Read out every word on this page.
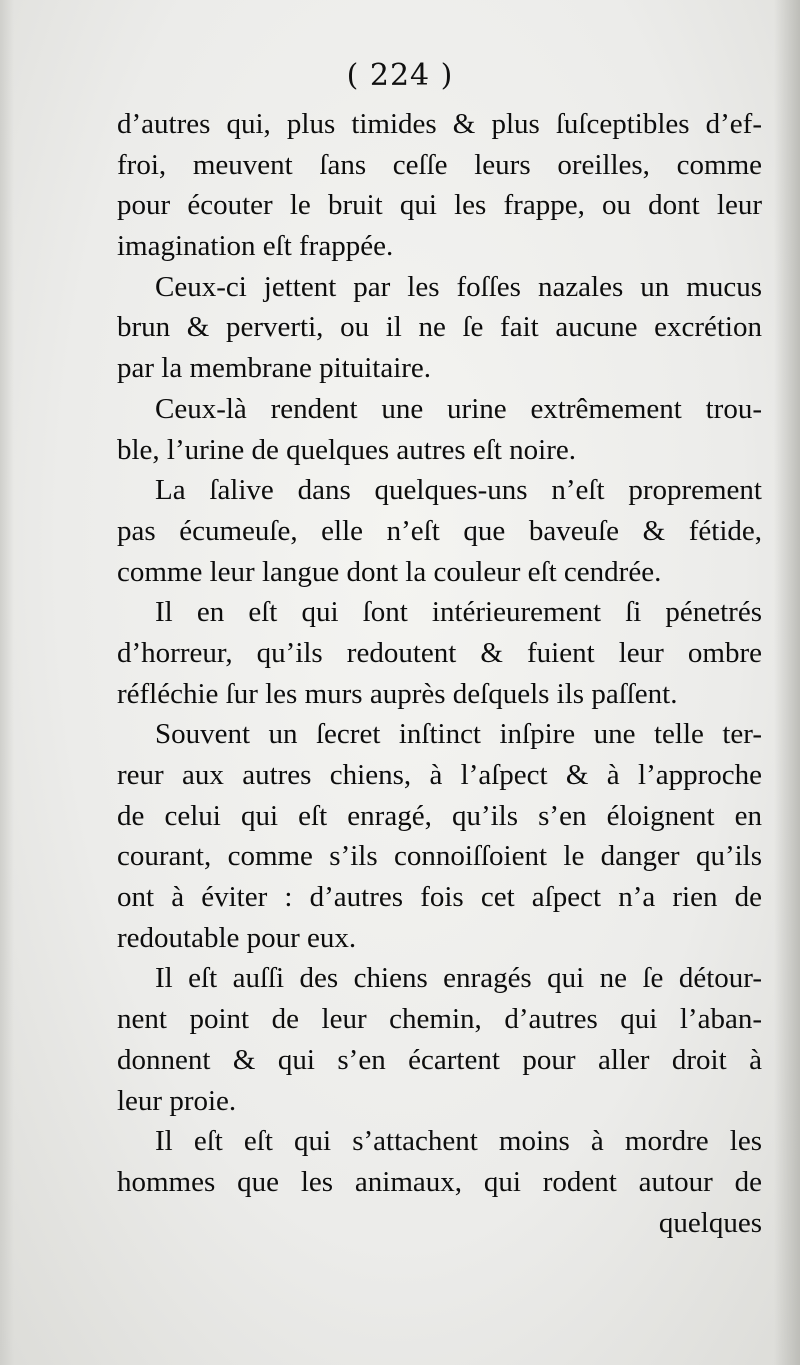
( 224 )
d’autres qui, plus timides & plus ſuſceptibles d’ef-
froi, meuvent ſans ceſſe leurs oreilles, comme
pour écouter le bruit qui les frappe, ou dont leur
imagination eſt frappée.
Ceux-ci jettent par les foſſes nazales un mucus
brun & perverti, ou il ne ſe fait aucune excrétion
par la membrane pituitaire.
Ceux-là rendent une urine extrêmement trou-
ble, l’urine de quelques autres eſt noire.
La ſalive dans quelques-uns n’eſt proprement
pas écumeuſe, elle n’eſt que baveuſe & fétide,
comme leur langue dont la couleur eſt cendrée.
Il en eſt qui ſont intérieurement ſi pénetrés
d’horreur, qu’ils redoutent & fuient leur ombre
réfléchie ſur les murs auprès deſquels ils paſſent.
Souvent un ſecret inſtinct inſpire une telle ter-
reur aux autres chiens, à l’aſpect & à l’approche
de celui qui eſt enragé, qu’ils s’en éloignent en
courant, comme s’ils connoiſſoient le danger qu’ils
ont à éviter : d’autres fois cet aſpect n’a rien de
redoutable pour eux.
Il eſt auſſi des chiens enragés qui ne ſe détour-
nent point de leur chemin, d’autres qui l’aban-
donnent & qui s’en écartent pour aller droit à
leur proie.
Il eſt eſt qui s’attachent moins à mordre les
hommes que les animaux, qui rodent autour de
quelques
